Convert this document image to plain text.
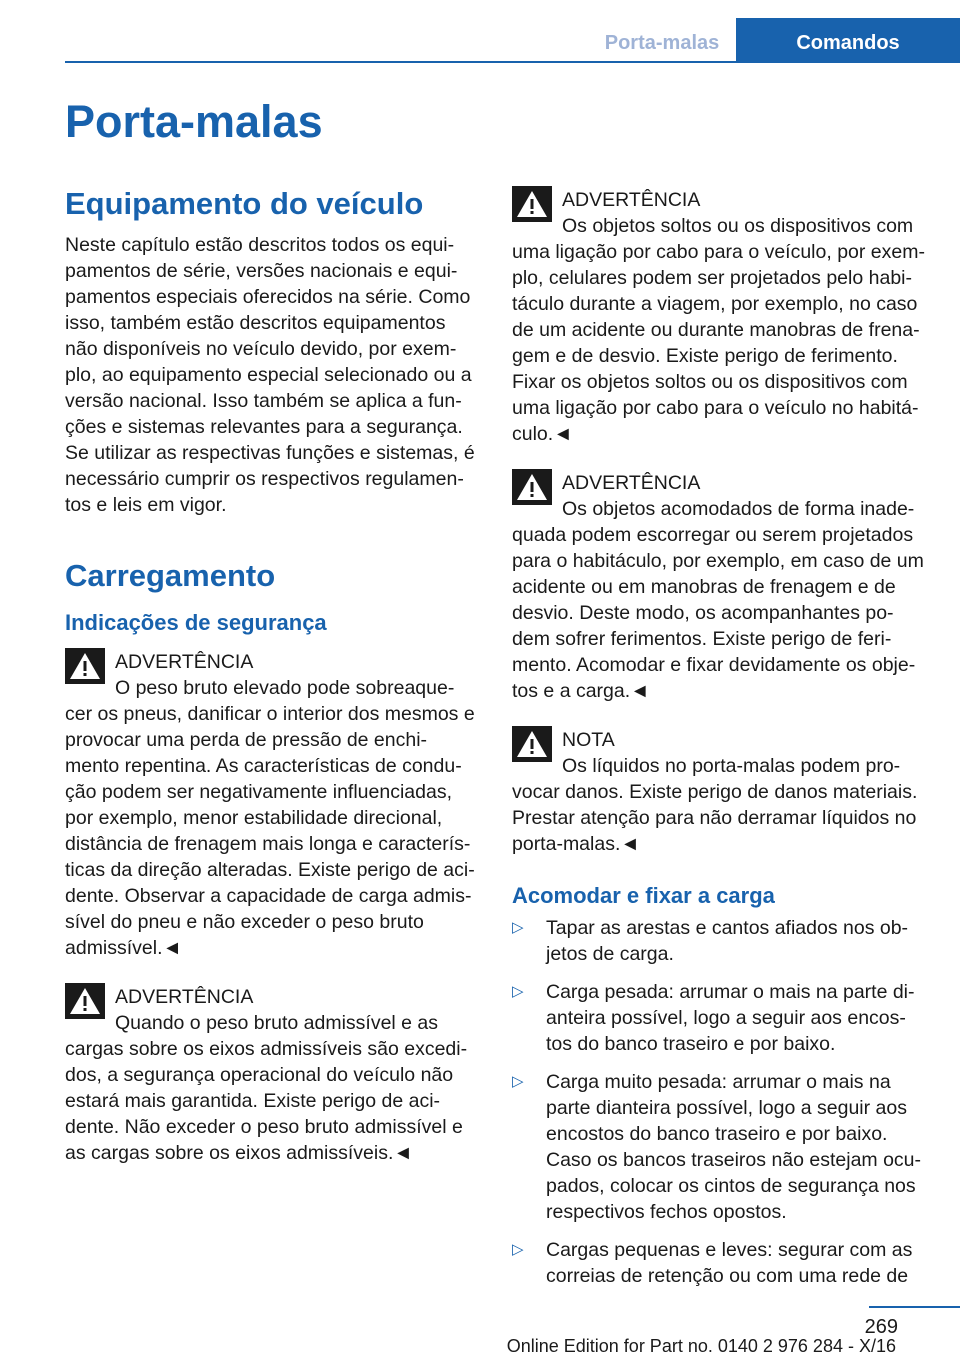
Porta-malas	Comandos
Porta-malas
Equipamento do veículo

Neste capítulo estão descritos todos os equi‐ pamentos de série, versões nacionais e equi‐ pamentos especiais oferecidos na série. Como isso, também estão descritos equipamentos não disponíveis no veículo devido, por exem‐ plo, ao equipamento especial selecionado ou a versão nacional. Isso também se aplica a fun‐ ções e sistemas relevantes para a segurança. Se utilizar as respectivas funções e sistemas, é necessário cumprir os respectivos regulamen‐ tos e leis em vigor.

Carregamento
Indicações de segurança
ADVERTÊNCIA

O peso bruto elevado pode sobreaque‐ cer os pneus, danificar o interior dos mesmos e provocar uma perda de pressão de enchi‐ mento repentina. As características de condu‐ ção podem ser negativamente influenciadas, por exemplo, menor estabilidade direcional, distância de frenagem mais longa e caracterís‐ ticas da direção alteradas. Existe perigo de aci‐ dente. Observar a capacidade de carga admis‐ sível do pneu e não exceder o peso bruto admissível.◄

ADVERTÊNCIA

Quando o peso bruto admissível e as cargas sobre os eixos admissíveis são excedi‐ dos, a segurança operacional do veículo não estará mais garantida. Existe perigo de aci‐ dente. Não exceder o peso bruto admissível e as cargas sobre os eixos admissíveis.◄

ADVERTÊNCIA

Os objetos soltos ou os dispositivos com uma ligação por cabo para o veículo, por exem‐ plo, celulares podem ser projetados pelo habi‐ táculo durante a viagem, por exemplo, no caso de um acidente ou durante manobras de frena‐ gem e de desvio. Existe perigo de ferimento. Fixar os objetos soltos ou os dispositivos com uma ligação por cabo para o veículo no habitá‐ culo.◄

ADVERTÊNCIA

Os objetos acomodados de forma inade‐ quada podem escorregar ou serem projetados para o habitáculo, por exemplo, em caso de um acidente ou em manobras de frenagem e de desvio. Deste modo, os acompanhantes po‐ dem sofrer ferimentos. Existe perigo de feri‐ mento. Acomodar e fixar devidamente os obje‐ tos e a carga.◄

NOTA

Os líquidos no porta-malas podem pro‐ vocar danos. Existe perigo de danos materiais. Prestar atenção para não derramar líquidos no porta-malas.◄

Acomodar e fixar a carga
▷ Tapar as arestas e cantos afiados nos ob‐ jetos de carga.
▷ Carga pesada: arrumar o mais na parte di‐ anteira possível, logo a seguir aos encos‐ tos do banco traseiro e por baixo.
▷ Carga muito pesada: arrumar o mais na parte dianteira possível, logo a seguir aos encostos do banco traseiro e por baixo. Caso os bancos traseiros não estejam ocu‐ pados, colocar os cintos de segurança nos respectivos fechos opostos.
▷ Cargas pequenas e leves: segurar com as correias de retenção ou com uma rede de
269
Online Edition for Part no. 0140 2 976 284 - X/16
